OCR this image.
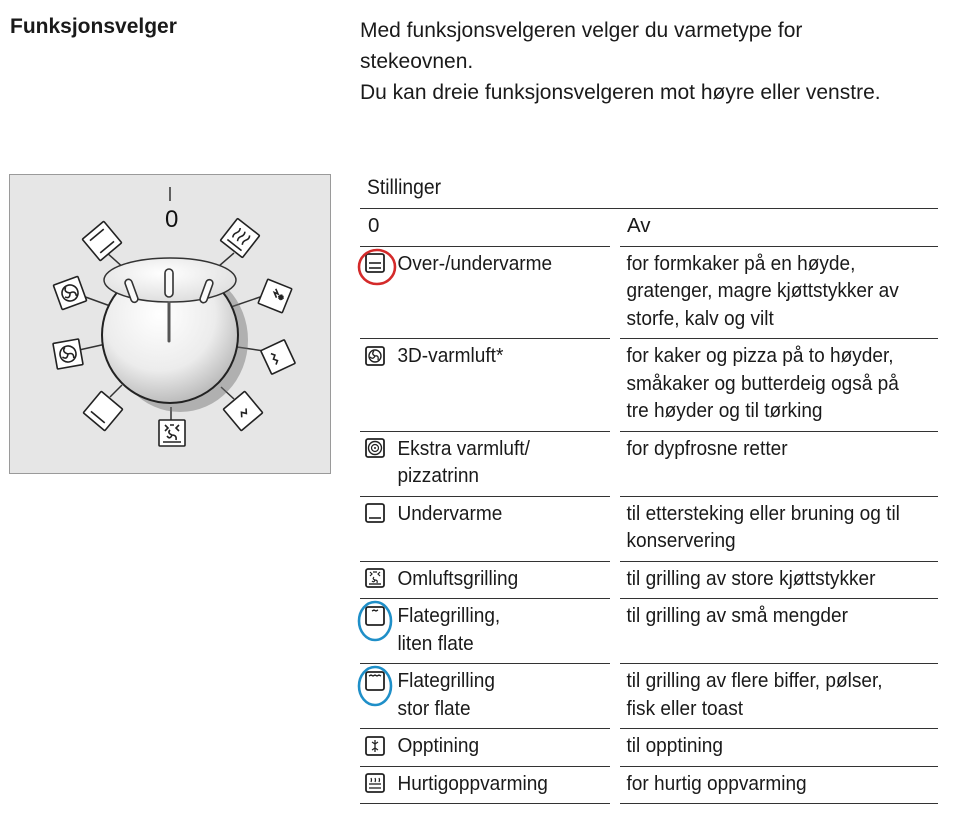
Funksjonsvelger	Med funksjonsvelgeren velger du varmetype for stekeovnen.

Du kan dreie funksjonsvelgeren mot høyre eller venstre.

0
Stillinger
0		Av

Over-/undervarme		for formkaker på en høyde, gratenger, magre kjøttstykker av storfe, kalv og vilt

3D-varmluft*		for kaker og pizza på to høyder, småkaker og butterdeig også på tre høyder og til tørking

Ekstra varmluft/ pizzatrinn		for dypfrosne retter

Undervarme		til ettersteking eller bruning og til konservering

Omluftsgrilling		til grilling av store kjøttstykker

Flategrilling, liten flate		til grilling av små mengder

Flategrilling stor flate		til grilling av flere biffer, pølser, fisk eller toast

Opptining		til opptining

Hurtigoppvarming		for hurtig oppvarming
